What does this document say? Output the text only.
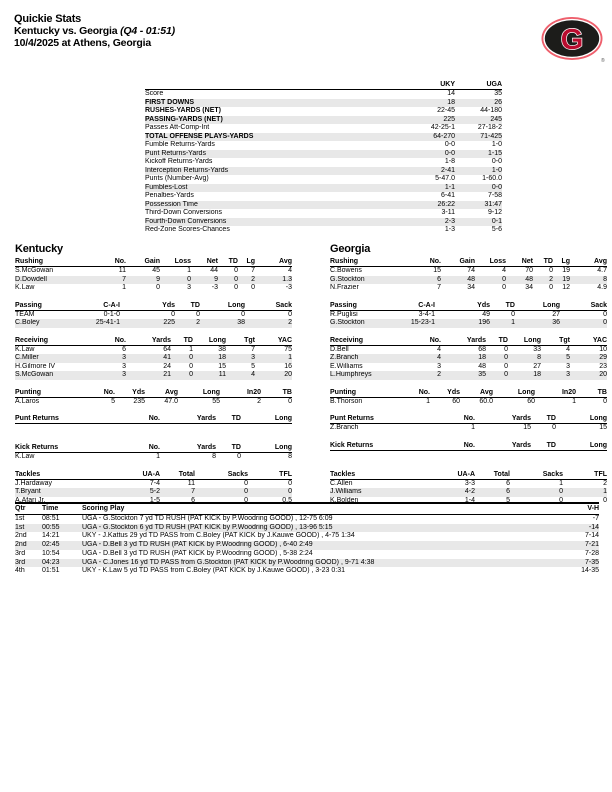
Quickie Stats
Kentucky vs. Georgia (Q4 - 01:51)
10/4/2025 at Athens, Georgia	G
®
	UKY	UGA
Score	14	35
FIRST DOWNS	18	26
RUSHES-YARDS (NET)	22-45	44-180
PASSING-YARDS (NET)	225	245
Passes Att-Comp-Int	42-25-1	27-18-2
TOTAL OFFENSE PLAYS-YARDS	64-270	71-425
Fumble Returns-Yards	0-0	1-0
Punt Returns-Yards	0-0	1-15
Kickoff Returns-Yards	1-8	0-0
Interception Returns-Yards	2-41	1-0
Punts (Number-Avg)	5-47.0	1-60.0
Fumbles-Lost	1-1	0-0
Penalties-Yards	6-41	7-58
Possession Time	26:22	31:47
Third-Down Conversions	3-11	9-12
Fourth-Down Conversions	2-3	0-1
Red-Zone Scores-Chances	1-3	5-6
Kentucky
Rushing	No.	Gain	Loss	Net	TD	Lg	Avg
S.McGowan	11	45	1	44	0	7	4
D.Dowdell	7	9	0	9	0	2	1.3
K.Law	1	0	3	-3	0	0	-3
Passing	C-A-I	Yds	TD	Long	Sack
TEAM	0-1-0	0	0	0	0
C.Boley	25-41-1	225	2	38	2
Receiving	No.	Yards	TD	Long	Tgt	YAC
K.Law	6	64	1	38	7	75
C.Miller	3	41	0	18	3	1
H.Gilmore IV	3	24	0	15	5	16
S.McGowan	3	21	0	11	4	20
Punting	No.	Yds	Avg	Long	In20	TB
A.Laros	5	235	47.0	55	2	0
Punt Returns	No.	Yards	TD	Long
Kick Returns	No.	Yards	TD	Long
K.Law	1	8	0	8
Tackles	UA-A	Total	Sacks	TFL
J.Hardaway	7-4	11	0	0
T.Bryant	5-2	7	0	0
A.Afari Jr.	1-5	6	0	0.5
Georgia
Rushing	No.	Gain	Loss	Net	TD	Lg	Avg
C.Bowens	15	74	4	70	0	19	4.7
G.Stockton	6	48	0	48	2	19	8
N.Frazier	7	34	0	34	0	12	4.9
Passing	C-A-I	Yds	TD	Long	Sack
R.Puglisi	3-4-1	49	0	27	0
G.Stockton	15-23-1	196	1	36	0
Receiving	No.	Yards	TD	Long	Tgt	YAC
D.Bell	4	68	0	33	4	10
Z.Branch	4	18	0	8	5	29
E.Williams	3	48	0	27	3	23
L.Humphreys	2	35	0	18	3	20
Punting	No.	Yds	Avg	Long	In20	TB
B.Thorson	1	60	60.0	60	1	0
Punt Returns	No.	Yards	TD	Long
Z.Branch	1	15	0	15
Kick Returns	No.	Yards	TD	Long
Tackles	UA-A	Total	Sacks	TFL
C.Allen	3-3	6	1	2
J.Williams	4-2	6	0	1
K.Bolden	1-4	5	0	0
Qtr	Time	Scoring Play	V-H
1st	08:51	UGA - G.Stockton 7 yd TD RUSH (PAT KICK by P.Woodring GOOD) , 12-75 6:09	-7
1st	00:55	UGA - G.Stockton 6 yd TD RUSH (PAT KICK by P.Woodring GOOD) , 13-96 5:15	-14
2nd	14:21	UKY - J.Kattus 29 yd TD PASS from C.Boley (PAT KICK by J.Kauwe GOOD) , 4-75 1:34	7-14
2nd	02:45	UGA - D.Bell 3 yd TD RUSH (PAT KICK by P.Woodring GOOD) , 6-40 2:49	7-21
3rd	10:54	UGA - D.Bell 3 yd TD RUSH (PAT KICK by P.Woodring GOOD) , 5-38 2:24	7-28
3rd	04:23	UGA - C.Jones 16 yd TD PASS from G.Stockton (PAT KICK by P.Woodring GOOD) , 9-71 4:38	7-35
4th	01:51	UKY - K.Law 5 yd TD PASS from C.Boley (PAT KICK by J.Kauwe GOOD) , 3-23 0:31	14-35
